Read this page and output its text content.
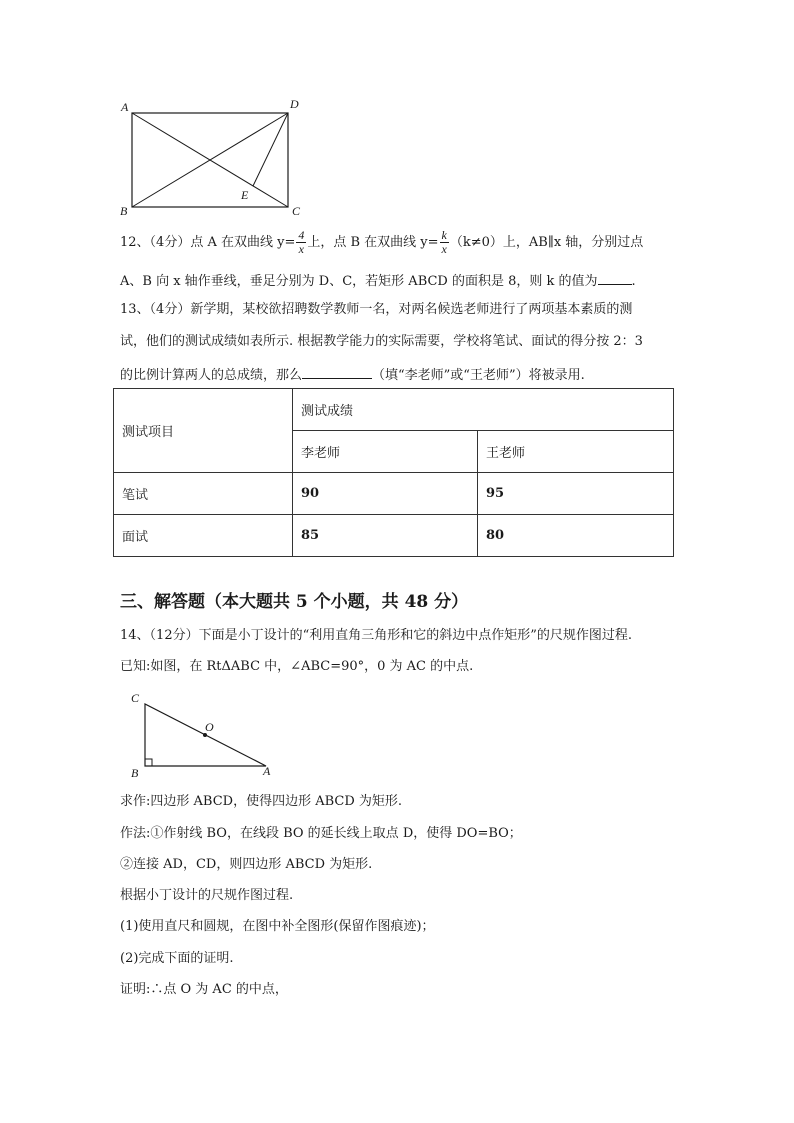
A	D
B	C
E
12、（4分）点 A 在双曲线 $y= \frac{4}{x}$ 上，点 B 在双曲线 $y= \frac{k}{x} (k\ne 0)$上，AB∥x 轴，分别过点
A、B 向 x 轴作垂线，垂足分别为 D、C，若矩形 ABCD 的面积是 8，则 k 的值为	.
13、（4分）新学期，某校欲招聘数学教师一名，对两名候选老师进行了两项基本素质的测
试，他们的测试成绩如表所示. 根据教学能力的实际需要，学校将笔试、面试的得分按 2：3
的比例计算两人的总成绩，那么	（填“李老师”或“王老师”）将被录用.
测试项目	测试成绩	
	李老师	王老师
笔试	90	95
面试	85	80
三、解答题（本大题共 5 个小题，共 48 分）
14、（12分）下面是小丁设计的“利用直角三角形和它的斜边中点作矩形”的尺规作图过程.
已知:如图，在 RtΔABC 中，∠ABC=90°，0 为 AC 的中点.
C
O
B	A
求作:四边形 ABCD，使得四边形 ABCD 为矩形.
作法:①作射线 BO，在线段 BO 的延长线上取点 D，使得 DO=BO；
②连接 AD，CD，则四边形 ABCD 为矩形.
根据小丁设计的尺规作图过程.
(1)使用直尺和圆规，在图中补全图形(保留作图痕迹)；
(2)完成下面的证明.
证明:∴点 O 为 AC 的中点，
